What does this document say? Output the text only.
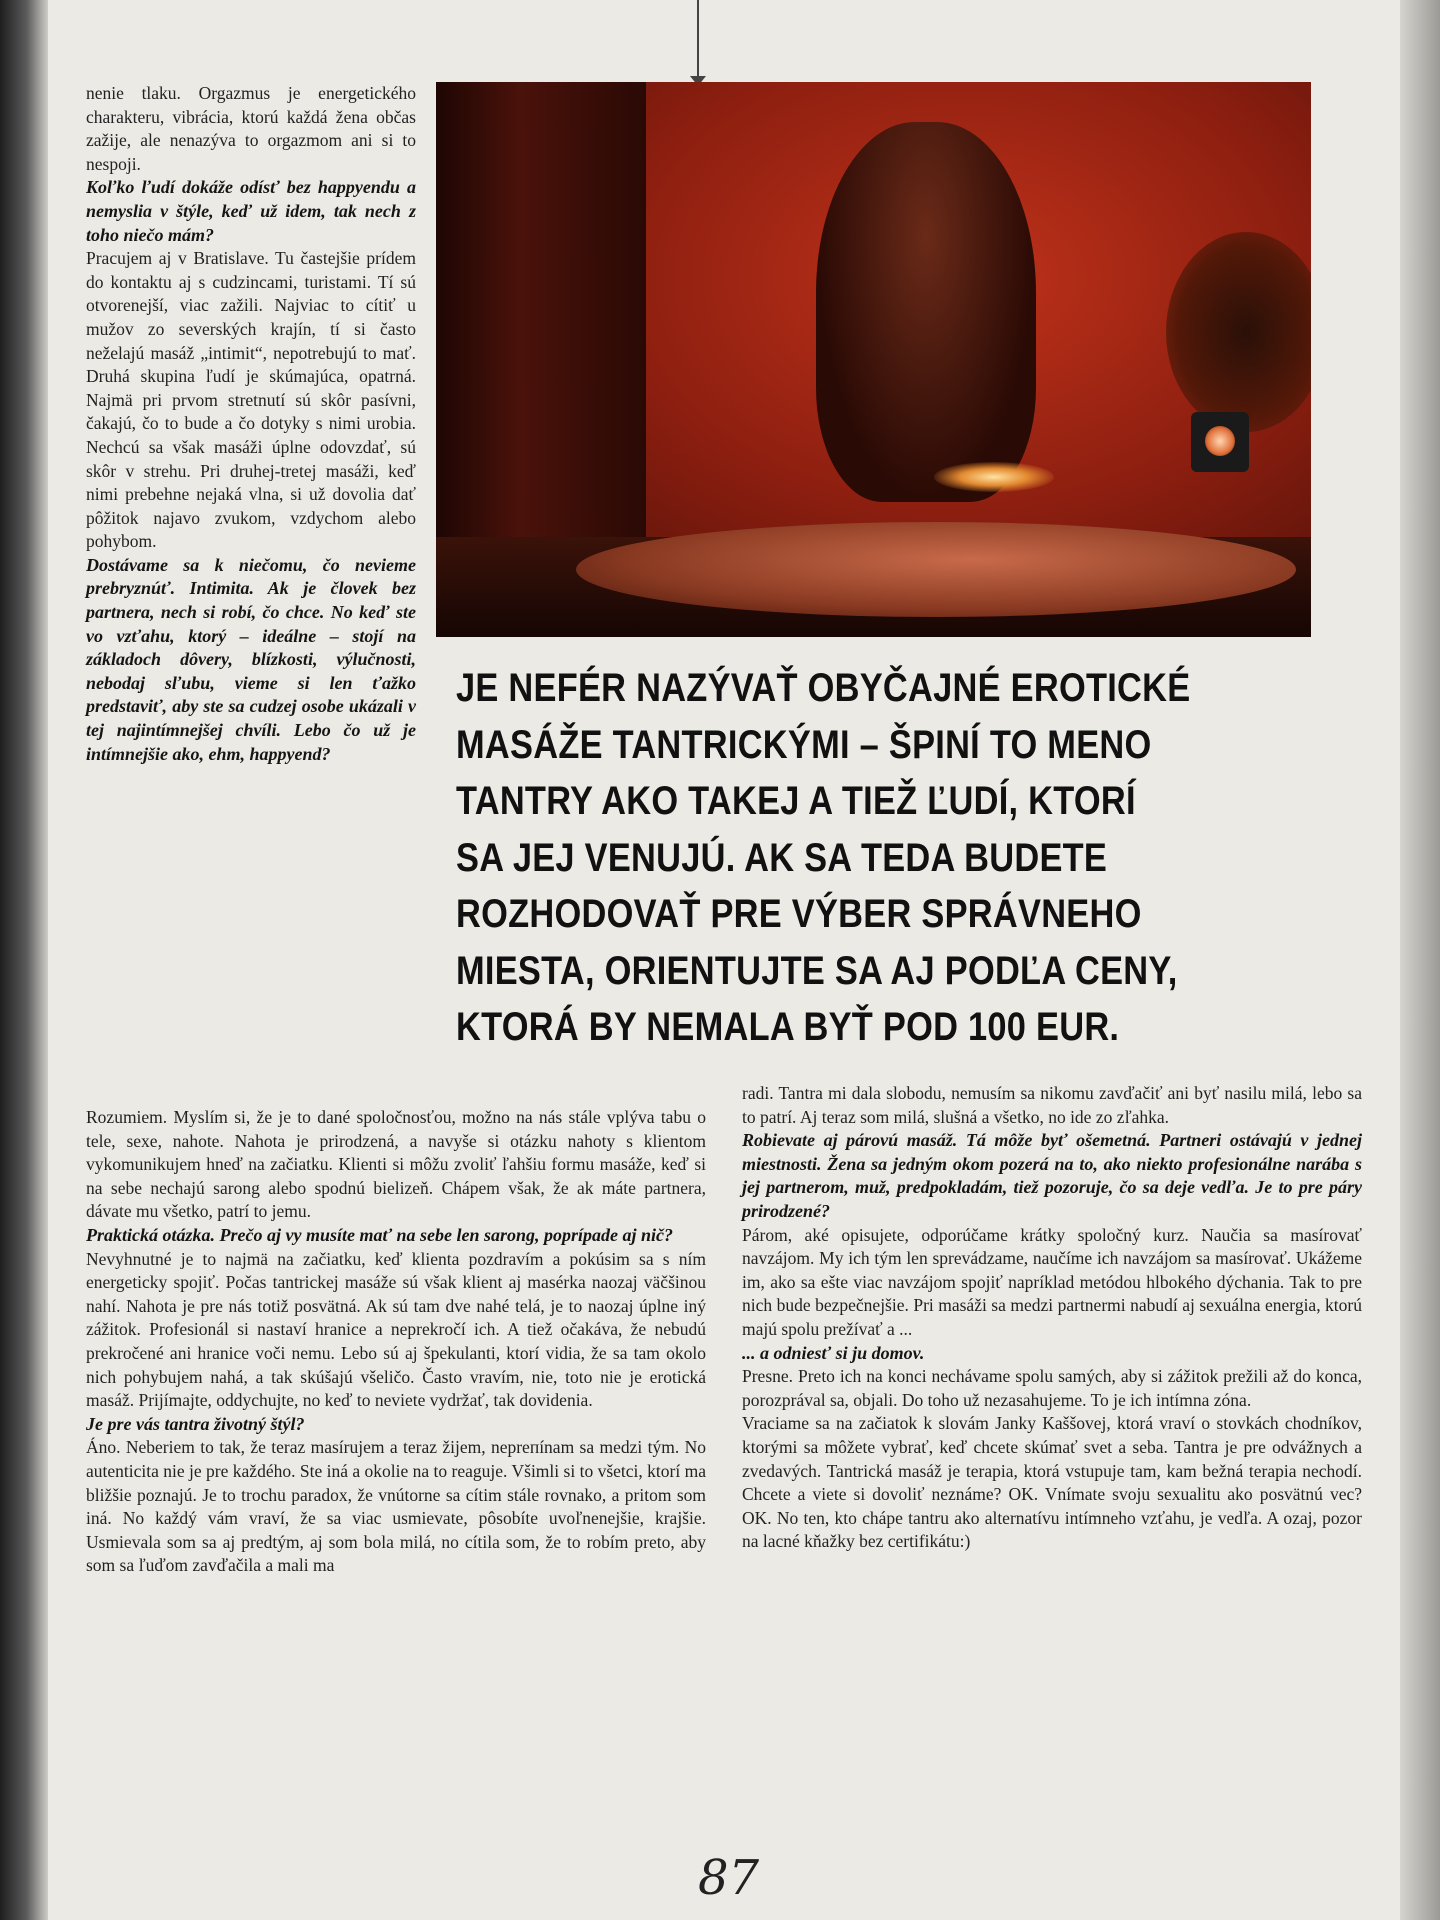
nenie tlaku. Orgazmus je energetického charakteru, vibrácia, ktorú každá žena občas zažije, ale nenazýva to orgazmom ani si to nespoji.

Koľko ľudí dokáže odísť bez happyendu a nemyslia v štýle, keď už idem, tak nech z toho niečo mám?

Pracujem aj v Bratislave. Tu častejšie prídem do kontaktu aj s cudzincami, turistami. Tí sú otvorenejší, viac zažili. Najviac to cítiť u mužov zo severských krajín, tí si často neželajú masáž „intimit“, nepotrebujú to mať. Druhá skupina ľudí je skúmajúca, opatrná. Najmä pri prvom stretnutí sú skôr pasívni, čakajú, čo to bude a čo dotyky s nimi urobia. Nechcú sa však masáži úplne odovzdať, sú skôr v strehu. Pri druhej-tretej masáži, keď nimi prebehne nejaká vlna, si už dovolia dať pôžitok najavo zvukom, vzdychom alebo pohybom.

Dostávame sa k niečomu, čo nevieme prebryznúť. Intimita. Ak je človek bez partnera, nech si robí, čo chce. No keď ste vo vzťahu, ktorý – ideálne – stojí na základoch dôvery, blízkosti, výlučnosti, nebodaj sľubu, vieme si len ťažko predstaviť, aby ste sa cudzej osobe ukázali v tej najintímnejšej chvíli. Lebo čo už je intímnejšie ako, ehm, happyend?

JE NEFÉR NAZÝVAŤ OBYČAJNÉ EROTICKÉ
MASÁŽE TANTRICKÝMI – ŠPINÍ TO MENO
TANTRY AKO TAKEJ A TIEŽ ĽUDÍ, KTORÍ
SA JEJ VENUJÚ. AK SA TEDA BUDETE
ROZHODOVAŤ PRE VÝBER SPRÁVNEHO
MIESTA, ORIENTUJTE SA AJ PODĽA CENY,
KTORÁ BY NEMALA BYŤ POD 100 EUR.

Rozumiem. Myslím si, že je to dané spoločnosťou, možno na nás stále vplýva tabu o tele, sexe, nahote. Nahota je prirodzená, a navyše si otázku nahoty s klientom vykomunikujem hneď na začiatku. Klienti si môžu zvoliť ľahšiu formu masáže, keď si na sebe nechajú sarong alebo spodnú bielizeň. Chápem však, že ak máte partnera, dávate mu všetko, patrí to jemu.

Praktická otázka. Prečo aj vy musíte mať na sebe len sarong, poprípade aj nič?

Nevyhnutné je to najmä na začiatku, keď klienta pozdravím a pokúsim sa s ním energeticky spojiť. Počas tantrickej masáže sú však klient aj masérka naozaj väčšinou nahí. Nahota je pre nás totiž posvätná. Ak sú tam dve nahé telá, je to naozaj úplne iný zážitok. Profesionál si nastaví hranice a neprekročí ich. A tiež očakáva, že nebudú prekročené ani hranice voči nemu. Lebo sú aj špekulanti, ktorí vidia, že sa tam okolo nich pohybujem nahá, a tak skúšajú všeličo. Často vravím, nie, toto nie je erotická masáž. Prijímajte, oddychujte, no keď to neviete vydržať, tak dovidenia.

Je pre vás tantra životný štýl?

Áno. Neberiem to tak, že teraz masírujem a teraz žijem, nepreпínam sa medzi tým. No autenticita nie je pre každého. Ste iná a okolie na to reaguje. Všimli si to všetci, ktorí ma bližšie poznajú. Je to trochu paradox, že vnútorne sa cítim stále rovnako, a pritom som iná. No každý vám vraví, že sa viac usmievate, pôsobíte uvoľnenejšie, krajšie. Usmievala som sa aj predtým, aj som bola milá, no cítila som, že to robím preto, aby som sa ľuďom zavďačila a mali ma

radi. Tantra mi dala slobodu, nemusím sa nikomu zavďačiť ani byť nasilu milá, lebo sa to patrí. Aj teraz som milá, slušná a všetko, no ide zo zľahka.

Robievate aj párovú masáž. Tá môže byť ošemetná. Partneri ostávajú v jednej miestnosti. Žena sa jedným okom pozerá na to, ako niekto profesionálne narába s jej partnerom, muž, predpokladám, tiež pozoruje, čo sa deje vedľa. Je to pre páry prirodzené?

Párom, aké opisujete, odporúčame krátky spoločný kurz. Naučia sa masírovať navzájom. My ich tým len sprevádzame, naučíme ich navzájom sa masírovať. Ukážeme im, ako sa ešte viac navzájom spojiť napríklad metódou hlbokého dýchania. Tak to pre nich bude bezpečnejšie. Pri masáži sa medzi partnermi nabudí aj sexuálna energia, ktorú majú spolu prežívať a ...

... a odniesť si ju domov.

Presne. Preto ich na konci nechávame spolu samých, aby si zážitok prežili až do konca, porozprával sa, objali. Do toho už nezasahujeme. To je ich intímna zóna.

Vraciame sa na začiatok k slovám Janky Kaššovej, ktorá vraví o stovkách chodníkov, ktorými sa môžete vybrať, keď chcete skúmať svet a seba. Tantra je pre odvážnych a zvedavých. Tantrická masáž je terapia, ktorá vstupuje tam, kam bežná terapia nechodí. Chcete a viete si dovoliť neznáme? OK. Vnímate svoju sexualitu ako posvätnú vec? OK. No ten, kto chápe tantru ako alternatívu intímneho vzťahu, je vedľa. A ozaj, pozor na lacné kňažky bez certifikátu:)

87
